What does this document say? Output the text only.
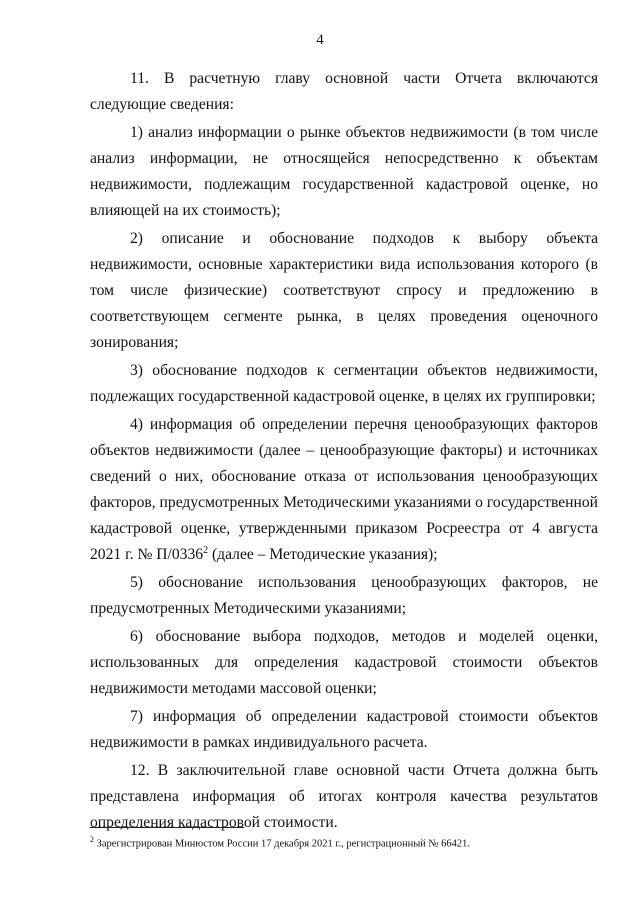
4

11. В расчетную главу основной части Отчета включаются следующие сведения:

1) анализ информации о рынке объектов недвижимости (в том числе анализ информации, не относящейся непосредственно к объектам недвижимости, подлежащим государственной кадастровой оценке, но влияющей на их стоимость);

2) описание и обоснование подходов к выбору объекта недвижимости, основные характеристики вида использования которого (в том числе физические) соответствуют спросу и предложению в соответствующем сегменте рынка, в целях проведения оценочного зонирования;

3) обоснование подходов к сегментации объектов недвижимости, подлежащих государственной кадастровой оценке, в целях их группировки;

4) информация об определении перечня ценообразующих факторов объектов недвижимости (далее – ценообразующие факторы) и источниках сведений о них, обоснование отказа от использования ценообразующих факторов, предусмотренных Методическими указаниями о государственной кадастровой оценке, утвержденными приказом Росреестра от 4 августа 2021 г. № П/0336$^2$ (далее – Методические указания);

5) обоснование использования ценообразующих факторов, не предусмотренных Методическими указаниями;

6) обоснование выбора подходов, методов и моделей оценки, использованных для определения кадастровой стоимости объектов недвижимости методами массовой оценки;

7) информация об определении кадастровой стоимости объектов недвижимости в рамках индивидуального расчета.

12. В заключительной главе основной части Отчета должна быть представлена информация об итогах контроля качества результатов определения кадастровой стоимости.

$^2$ Зарегистрирован Минюстом России 17 декабря 2021 г., регистрационный № 66421.
